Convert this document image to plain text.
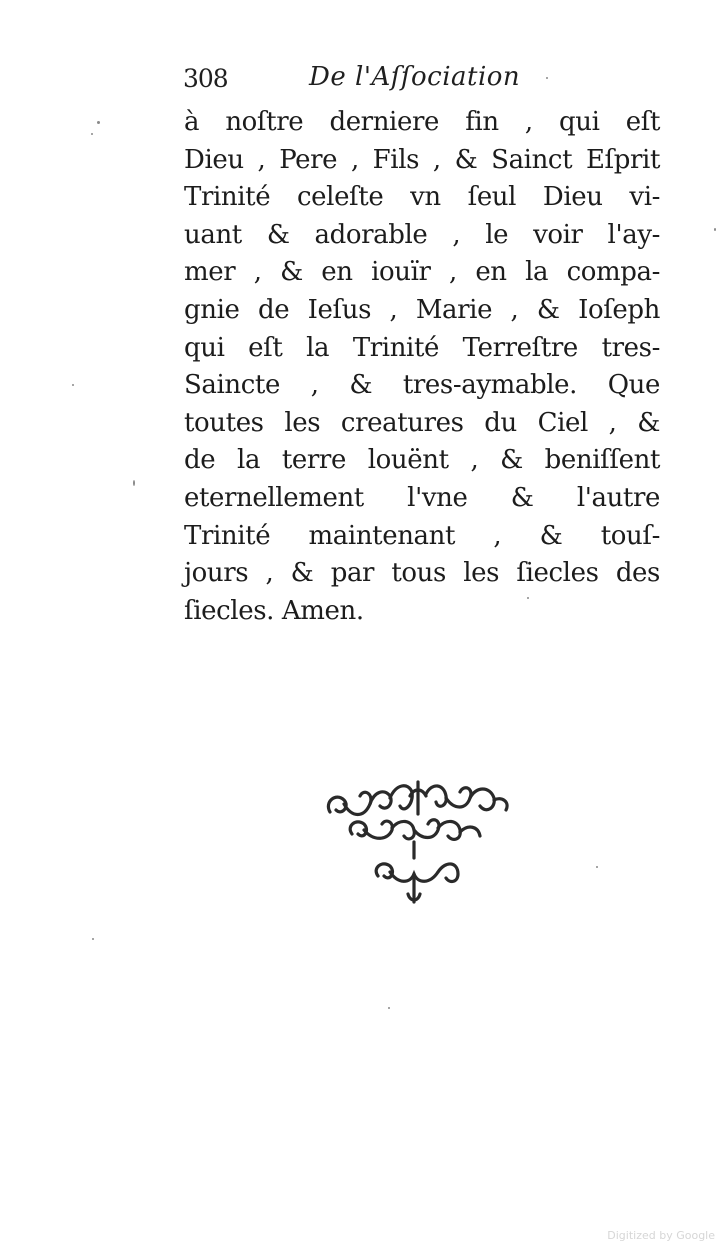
308	De l'Aſſociation
à noſtre derniere fin , qui eſt
Dieu , Pere , Fils , & Sainct Eſprit
Trinité celeſte vn ſeul Dieu vi-
uant & adorable , le voir l'ay-
mer , & en iouïr , en la compa-
gnie de Ieſus , Marie , & Ioſeph
qui eſt la Trinité Terreſtre tres-
Saincte , & tres-aymable. Que
toutes les creatures du Ciel , &
de la terre louënt , & beniſſent
eternellement l'vne & l'autre
Trinité maintenant , & touſ-
jours , & par tous les ſiecles des
ſiecles. Amen.
Digitized by Google
